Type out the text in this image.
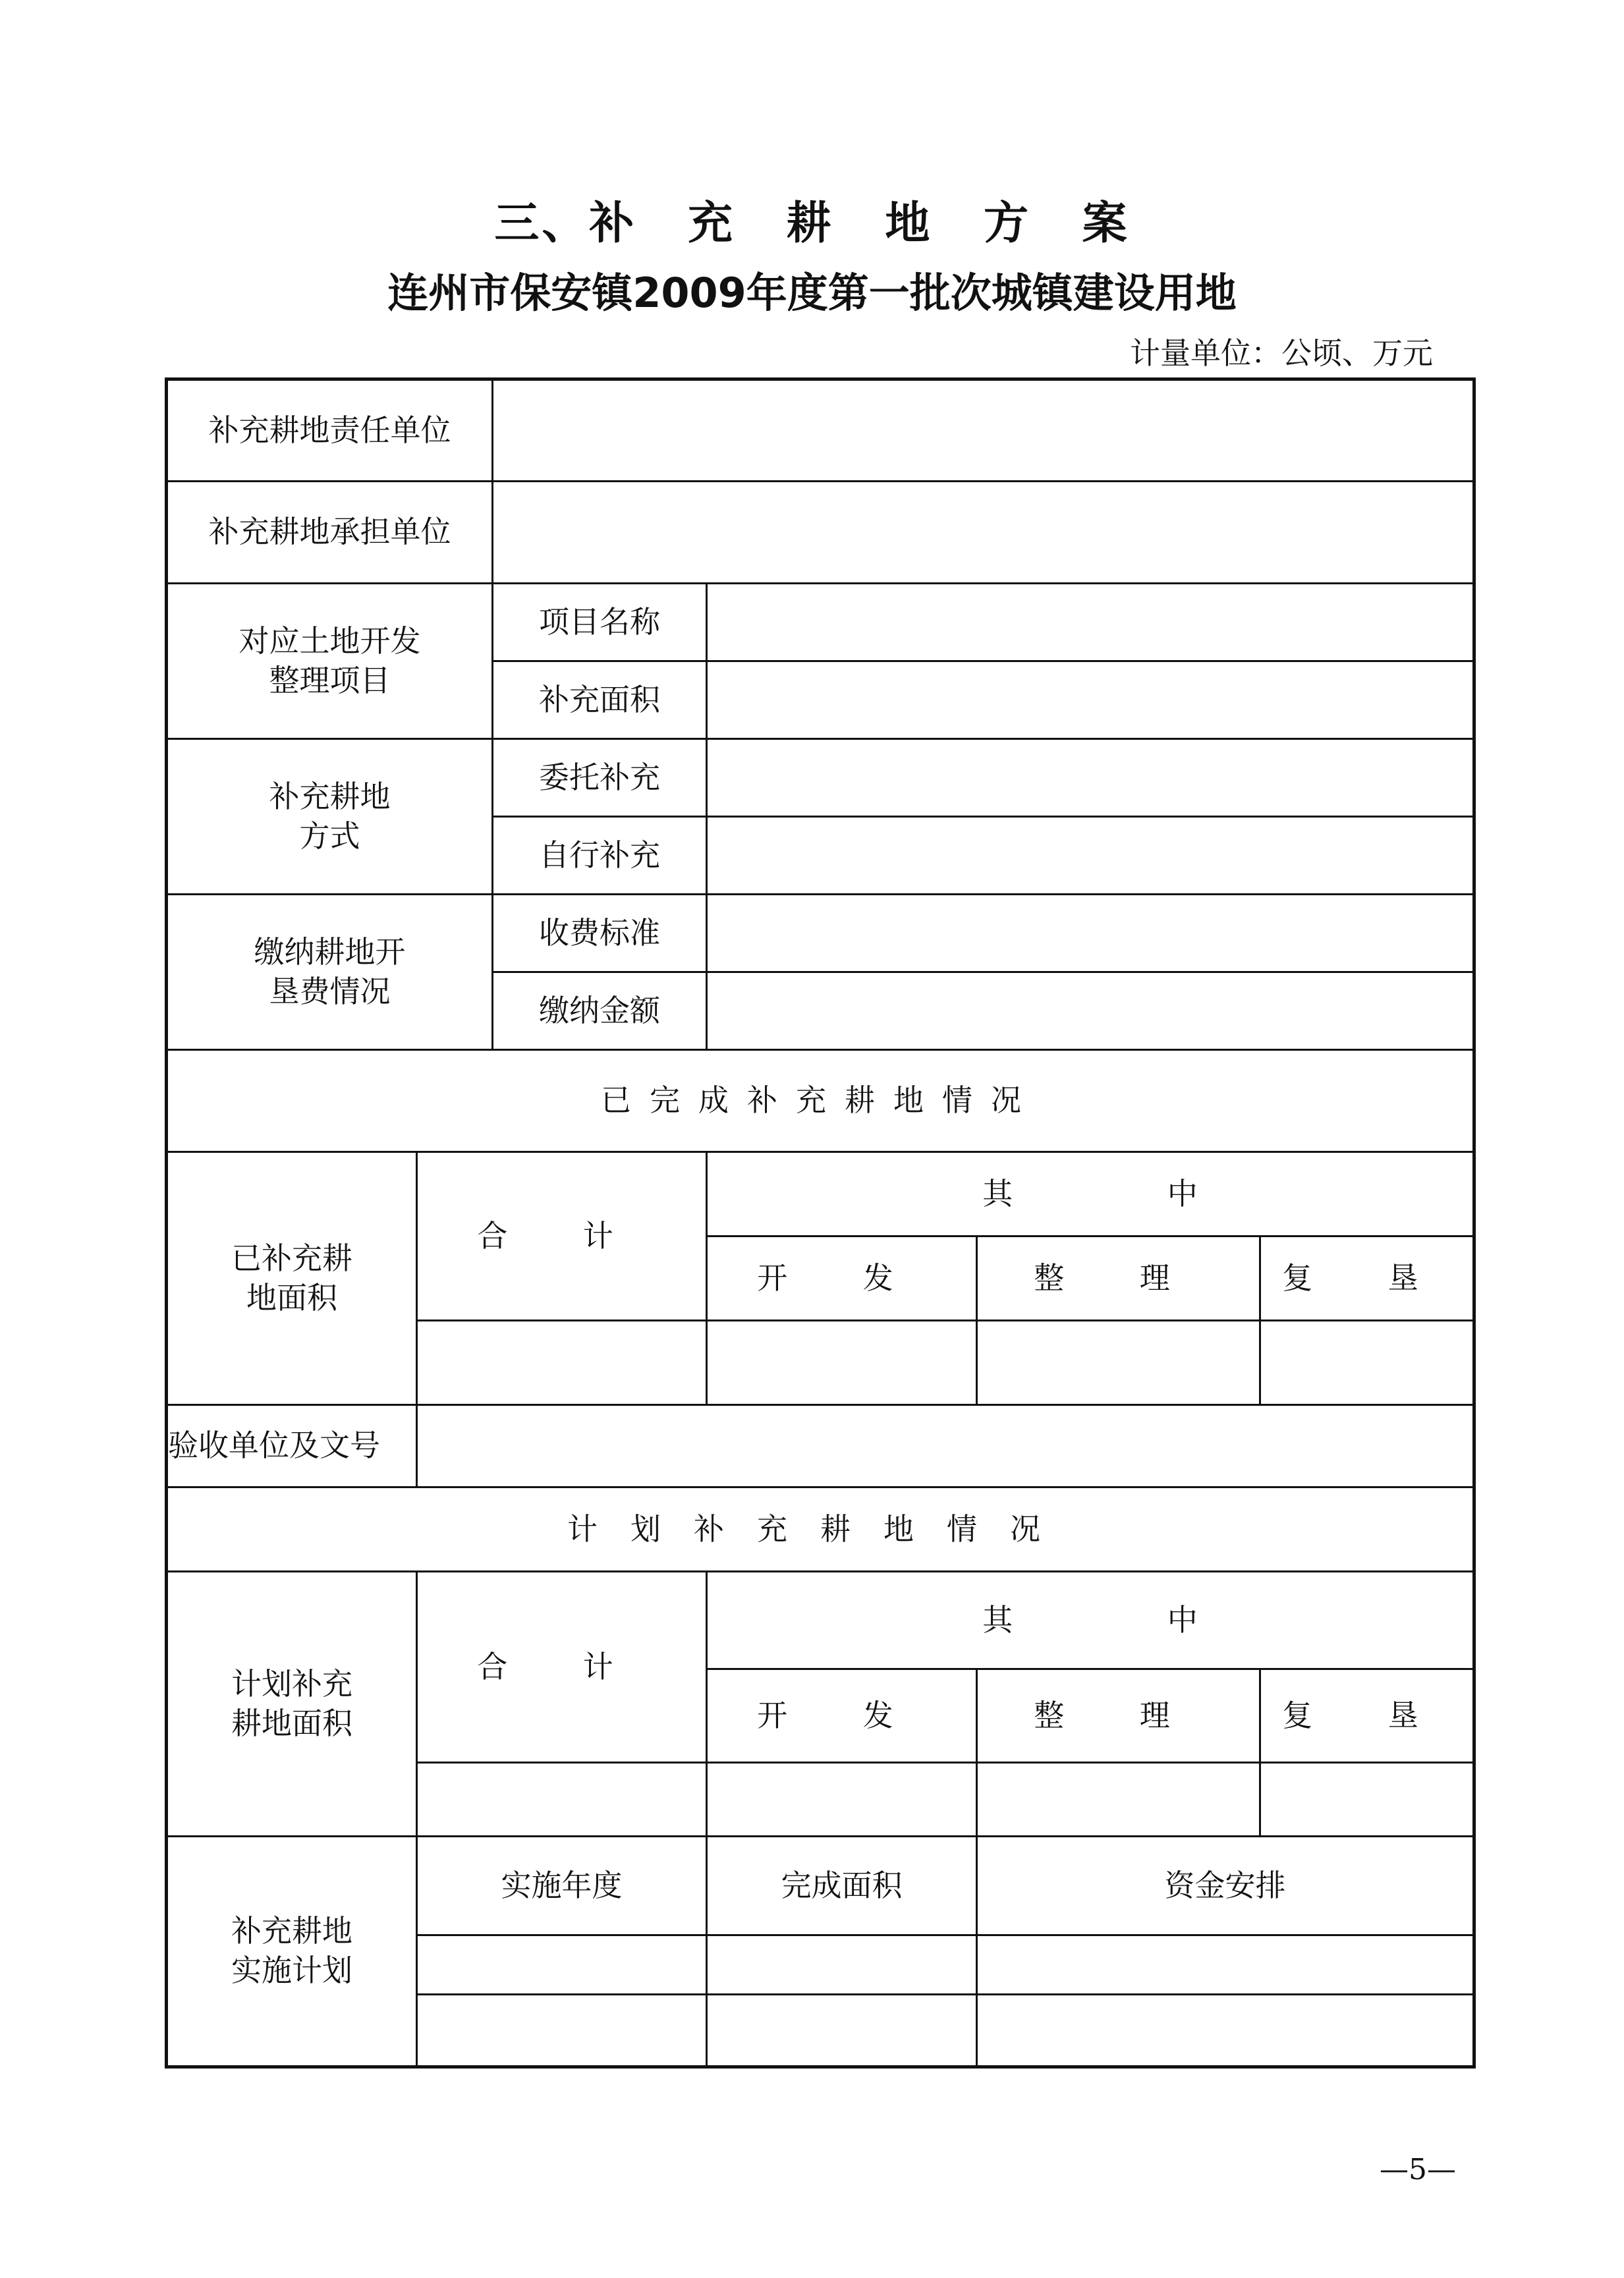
三、补 充 耕 地 方 案
连州市保安镇2009年度第一批次城镇建设用地
计量单位：公顷、万元
补充耕地责任单位					
补充耕地承担单位					

对应土地开发整理项目		项目名称			
		补充面积			

补充耕地方式		委托补充			
		自行补充			

缴纳耕地开垦费情况		收费标准			
		缴纳金额			
已完成补充耕地情况					

已补充耕地面积	合 计		其 中		
			开 发	整 理	复 垦

验收单位及文号					
计划补充耕地情况					

计划补充耕地面积	合 计		其 中		
			开 发	整 理	复 垦

补充耕地实施计划	实施年度		完成面积	资金安排	

—5—
